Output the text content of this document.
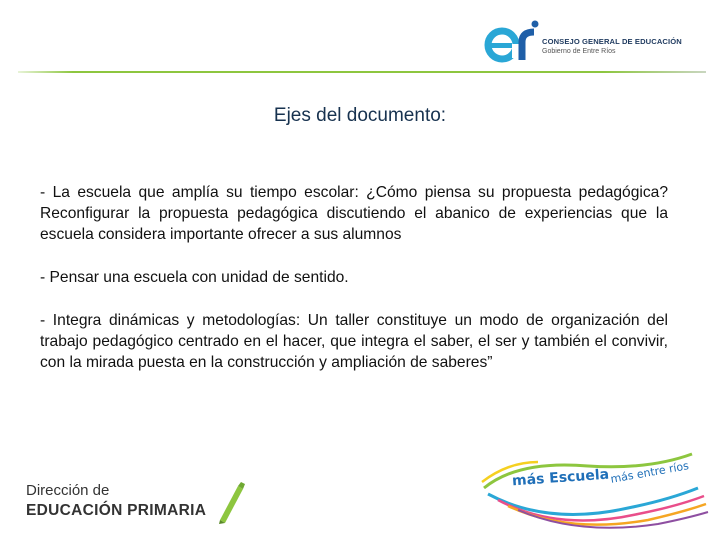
CONSEJO GENERAL DE EDUCACIÓN
Gobierno de Entre Ríos
Ejes del documento:

- La escuela que amplía su tiempo escolar: ¿Cómo piensa su propuesta pedagógica? Reconfigurar la propuesta pedagógica discutiendo el abanico de experiencias que la escuela considera importante ofrecer a sus alumnos

- Pensar una escuela con unidad de sentido.

- Integra dinámicas y metodologías: Un taller constituye un modo de organización del trabajo pedagógico centrado en el hacer, que integra el saber, el ser y también el convivir, con la mirada puesta en la construcción y ampliación de saberes”

Dirección de
EDUCACIÓN PRIMARIA
más Escuela más entre ríos
